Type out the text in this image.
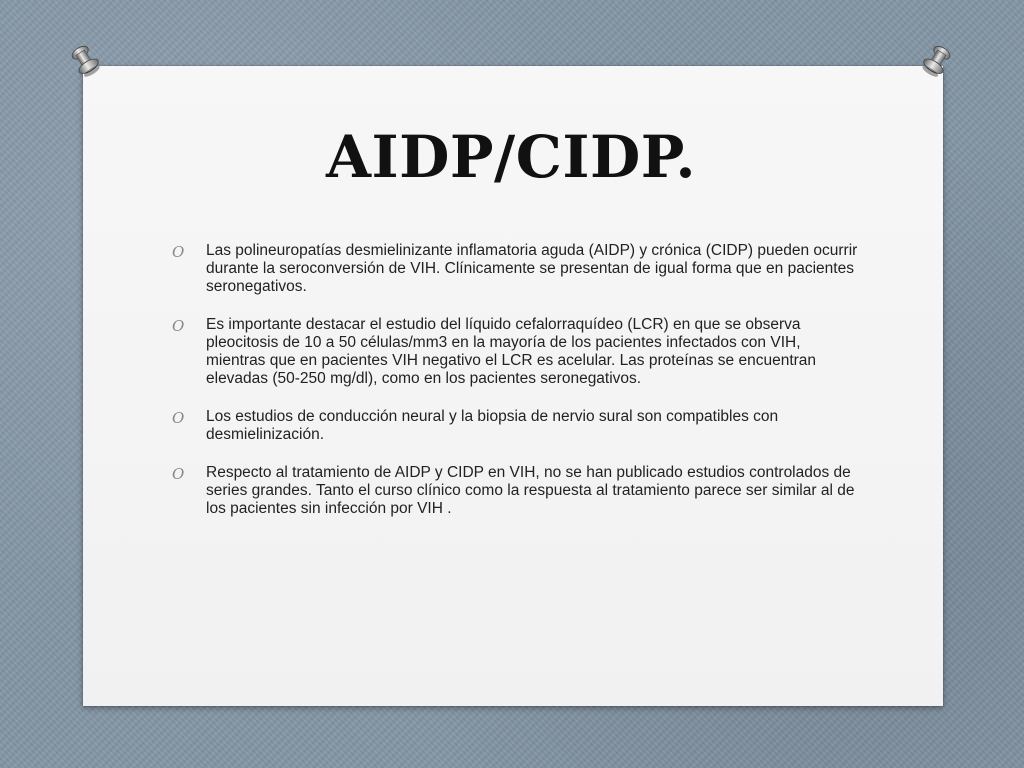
AIDP/CIDP.
O	Las polineuropatías desmielinizante inflamatoria aguda (AIDP) y crónica (CIDP) pueden ocurrir durante la seroconversión de VIH. Clínicamente se presentan de igual forma que en pacientes seronegativos.
O	Es importante destacar el estudio del líquido cefalorraquídeo (LCR) en que se observa pleocitosis de 10 a 50 células/mm3 en la mayoría de los pacientes infectados con VIH, mientras que en pacientes VIH negativo el LCR es acelular. Las proteínas se encuentran elevadas (50-250 mg/dl), como en los pacientes seronegativos.
O	Los estudios de conducción neural y la biopsia de nervio sural son compatibles con desmielinización.
O	Respecto al tratamiento de AIDP y CIDP en VIH, no se han publicado estudios controlados de series grandes. Tanto el curso clínico como la respuesta al tratamiento parece ser similar al de los pacientes sin infección por VIH .
